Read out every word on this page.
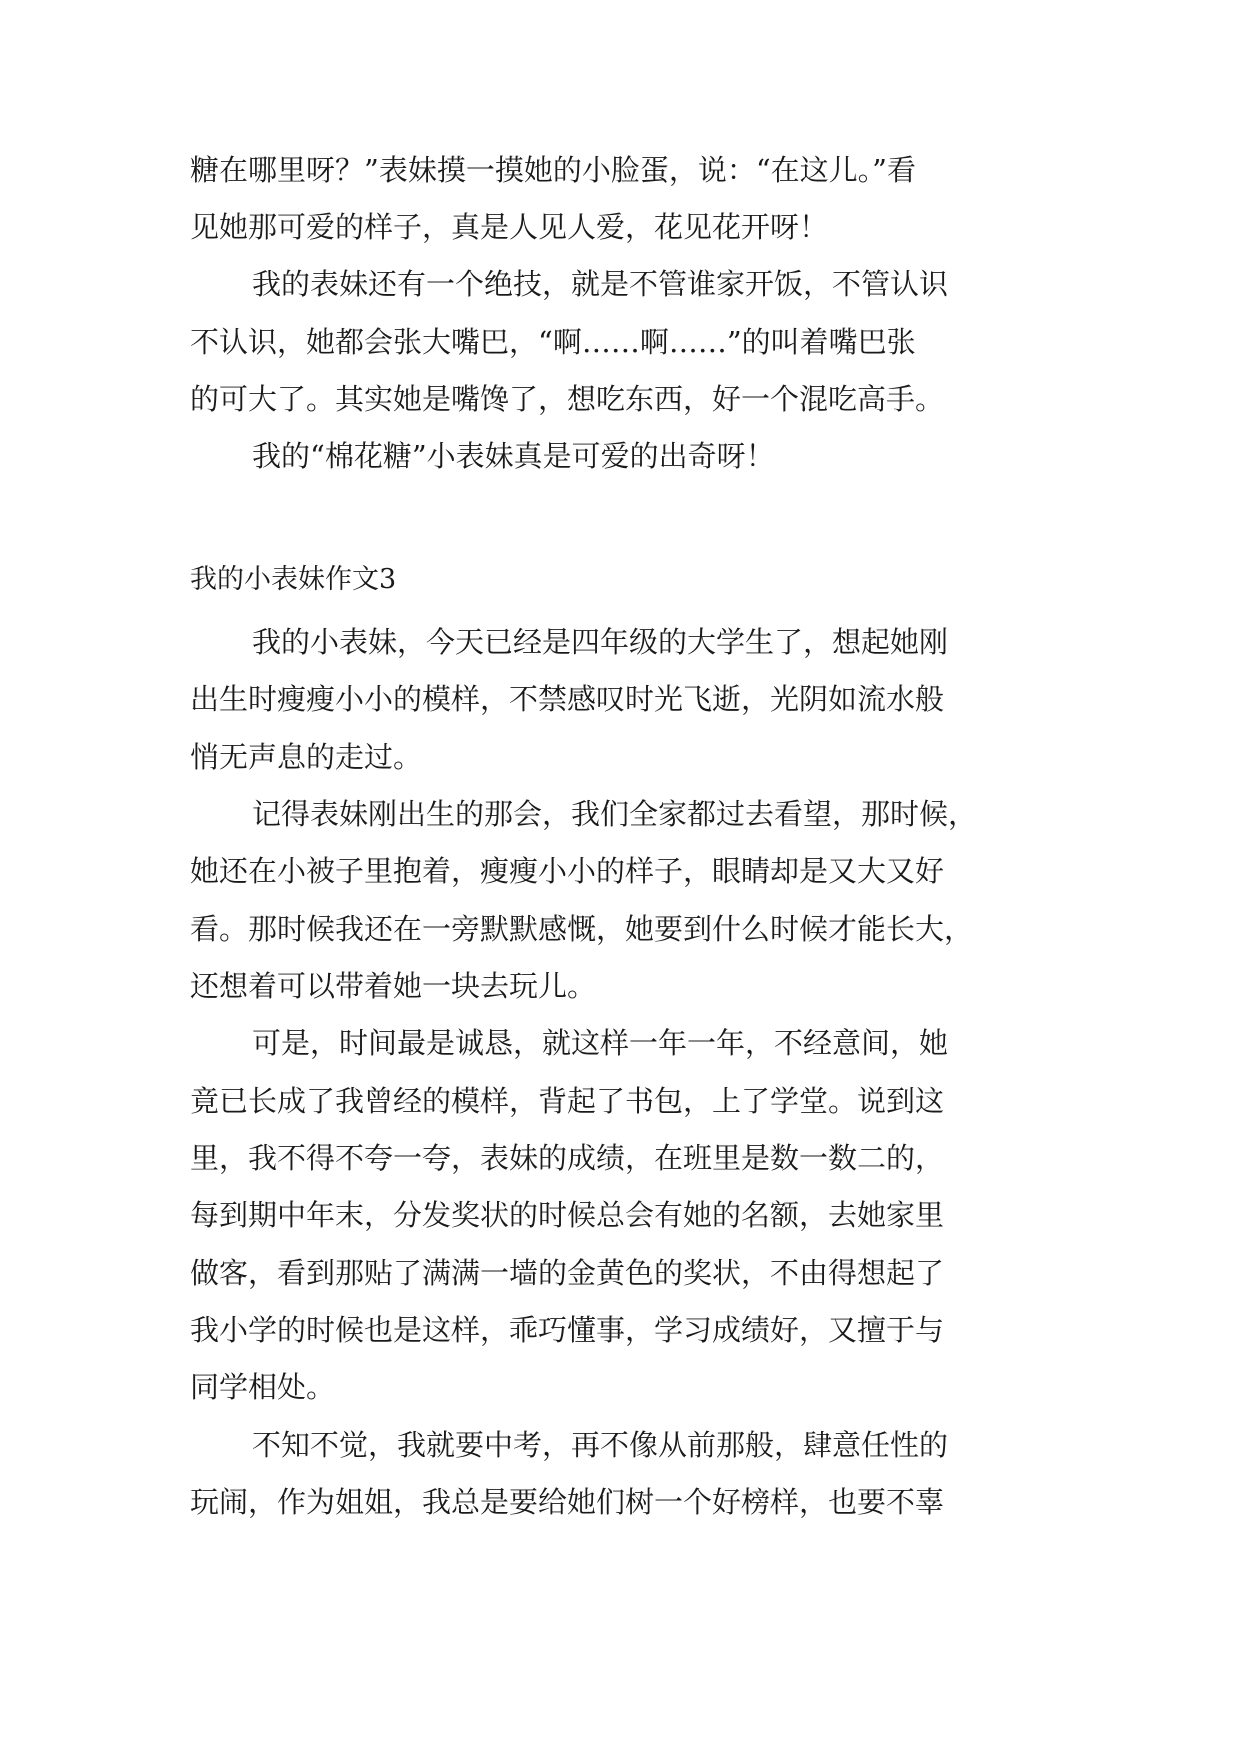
糖在哪里呀？”表妹摸一摸她的小脸蛋，说：“在这儿。”看
见她那可爱的样子，真是人见人爱，花见花开呀！
我的表妹还有一个绝技，就是不管谁家开饭，不管认识
不认识，她都会张大嘴巴，“啊……啊……”的叫着嘴巴张
的可大了。其实她是嘴馋了，想吃东西，好一个混吃高手。
我的“棉花糖”小表妹真是可爱的出奇呀！
我的小表妹作文3
我的小表妹，今天已经是四年级的大学生了，想起她刚
出生时瘦瘦小小的模样，不禁感叹时光飞逝，光阴如流水般
悄无声息的走过。
记得表妹刚出生的那会，我们全家都过去看望，那时候，
她还在小被子里抱着，瘦瘦小小的样子，眼睛却是又大又好
看。那时候我还在一旁默默感慨，她要到什么时候才能长大，
还想着可以带着她一块去玩儿。
可是，时间最是诚恳，就这样一年一年，不经意间，她
竟已长成了我曾经的模样，背起了书包，上了学堂。说到这
里，我不得不夸一夸，表妹的成绩，在班里是数一数二的，
每到期中年末，分发奖状的时候总会有她的名额，去她家里
做客，看到那贴了满满一墙的金黄色的奖状，不由得想起了
我小学的时候也是这样，乖巧懂事，学习成绩好，又擅于与
同学相处。
不知不觉，我就要中考，再不像从前那般，肆意任性的
玩闹，作为姐姐，我总是要给她们树一个好榜样，也要不辜
